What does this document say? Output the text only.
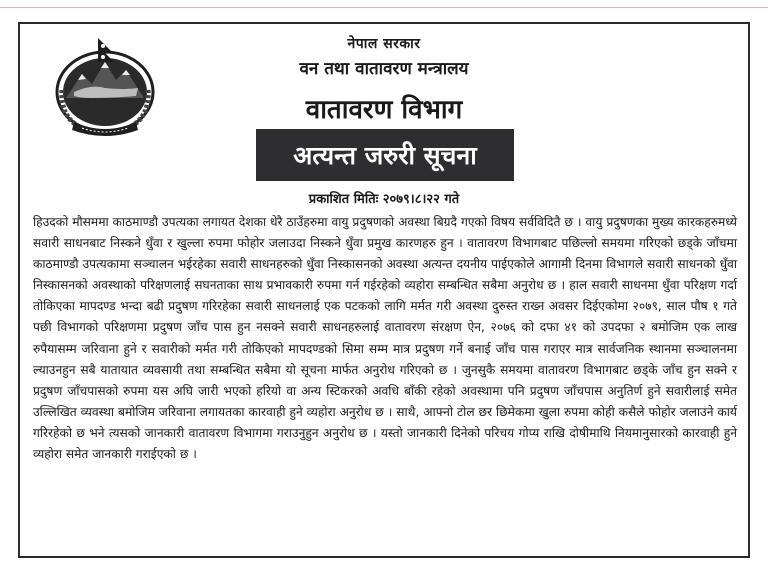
नेपाल सरकार
वन तथा वातावरण मन्त्रालय
वातावरण विभाग
अत्यन्त जरुरी सूचना
प्रकाशित मितिः २०७९।८।२२ गते

हिउदको मौसममा काठमाण्डौ उपत्यका लगायत देशका धेरै ठाउँहरुमा वायु प्रदुषणको अवस्था बिग्रदै गएको विषय सर्वविदितै छ । वायु प्रदुषणका मुख्य कारकहरुमध्ये सवारी साधनबाट निस्कने धुँवा र खुल्ला रुपमा फोहोर जलाउदा निस्कने धुँवा प्रमुख कारणहरु हुन । वातावरण विभागबाट पछिल्लो समयमा गरिएको छड्के जाँचमा काठमाण्डौ उपत्यकामा सञ्चालन भईरहेका सवारी साधनहरुको धुँवा निस्कासनको अवस्था अत्यन्त दयनीय पाईएकोले आगामी दिनमा विभागले सवारी साधनको धुँवा निस्कासनको अवस्थाको परिक्षणलाई सघनताका साथ प्रभावकारी रुपमा गर्न गईरहेको व्यहोरा सम्बन्धित सबैमा अनुरोध छ । हाल सवारी साधनमा धुँवा परिक्षण गर्दा तोकिएका मापदण्ड भन्दा बढी प्रदुषण गरिरहेका सवारी साधनलाई एक पटकको लागि मर्मत गरी अवस्था दुरुस्त राख्न अवसर दिईएकोमा २०७९, साल पौष १ गते पछी विभागको परिक्षणमा प्रदुषण जाँच पास हुन नसक्ने सवारी साधनहरुलाई वातावरण संरक्षण ऐन, २०७६ को दफा ४१ को उपदफा २ बमोजिम एक लाख रुपैयासम्म जरिवाना हुने र सवारीको मर्मत गरी तोकिएको मापदण्डको सिमा सम्म मात्र प्रदुषण गर्ने बनाई जाँच पास गराएर मात्र सार्वजनिक स्थानमा सञ्चालनमा ल्याउनहुन सबै यातायात व्यवसायी तथा सम्बन्धित सबैमा यो सूचना मार्फत अनुरोध गरिएको छ । जुनसुकै समयमा वातावरण विभागबाट छड्के जाँच हुन सक्ने र प्रदुषण जाँचपासको रुपमा यस अघि जारी भएको हरियो वा अन्य स्टिकरको अवधि बाँकी रहेको अवस्थामा पनि प्रदुषण जाँचपास अनुतिर्ण हुने सवारीलाई समेत उल्लिखित व्यवस्था बमोजिम जरिवाना लगायतका कारवाही हुने व्यहोरा अनुरोध छ । साथै, आफ्नो टोल छर छिमेकमा खुला रुपमा कोही कसैले फोहोर जलाउने कार्य गरिरहेको छ भने त्यसको जानकारी वातावरण विभागमा गराउनुहुन अनुरोध छ । यस्तो जानकारी दिनेको परिचय गोप्य राखि दोषीमाथि नियमानुसारको कारवाही हुने व्यहोरा समेत जानकारी गराईएको छ ।
